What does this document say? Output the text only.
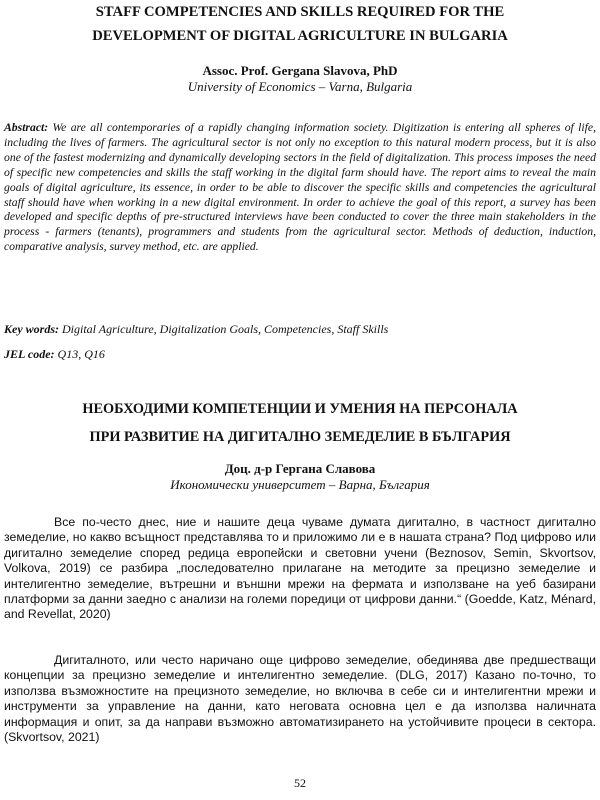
STAFF COMPETENCIES AND SKILLS REQUIRED FOR THE
DEVELOPMENT OF DIGITAL AGRICULTURE IN BULGARIA
Assoc. Prof. Gergana Slavova, PhD
University of Economics – Varna, Bulgaria

Abstract: We are all contemporaries of a rapidly changing information society. Digitization is entering all spheres of life, including the lives of farmers. The agricultural sector is not only no exception to this natural modern process, but it is also one of the fastest modernizing and dynamically developing sectors in the field of digitalization. This process imposes the need of specific new competencies and skills the staff working in the digital farm should have. The report aims to reveal the main goals of digital agriculture, its essence, in order to be able to discover the specific skills and competencies the agricultural staff should have when working in a new digital environment. In order to achieve the goal of this report, a survey has been developed and specific depths of pre-structured interviews have been conducted to cover the three main stakeholders in the process - farmers (tenants), programmers and students from the agricultural sector. Methods of deduction, induction, comparative analysis, survey method, etc. are applied.

Key words: Digital Agriculture, Digitalization Goals, Competencies, Staff Skills

JEL code: Q13, Q16

НЕОБХОДИМИ КОМПЕТЕНЦИИ И УМЕНИЯ НА ПЕРСОНАЛА
ПРИ РАЗВИТИЕ НА ДИГИТАЛНО ЗЕМЕДЕЛИЕ В БЪЛГАРИЯ
Доц. д-р Гергана Славова
Икономически университет – Варна, България

Все по-често днес, ние и нашите деца чуваме думата дигитално, в частност дигитално земеделие, но какво всъщност представлява то и приложимо ли е в нашата страна? Под цифрово или дигитално земеделие според редица европейски и световни учени (Beznosov, Semin, Skvortsov, Volkova, 2019) се разбира „последователно прилагане на методите за прецизно земеделие и интелигентно земеделие, вътрешни и външни мрежи на фермата и използване на уеб базирани платформи за данни заедно с анализи на големи поредици от цифрови данни.“ (Goedde, Katz, Ménard, and Revellat, 2020)

Дигиталното, или често наричано още цифрово земеделие, обединява две предшестващи концепции за прецизно земеделие и интелигентно земеделие. (DLG, 2017) Казано по-точно, то използва възможностите на прецизното земеделие, но включва в себе си и интелигентни мрежи и инструменти за управление на данни, като неговата основна цел е да използва наличната информация и опит, за да направи възможно автоматизирането на устойчивите процеси в сектора. (Skvortsov, 2021)

52
